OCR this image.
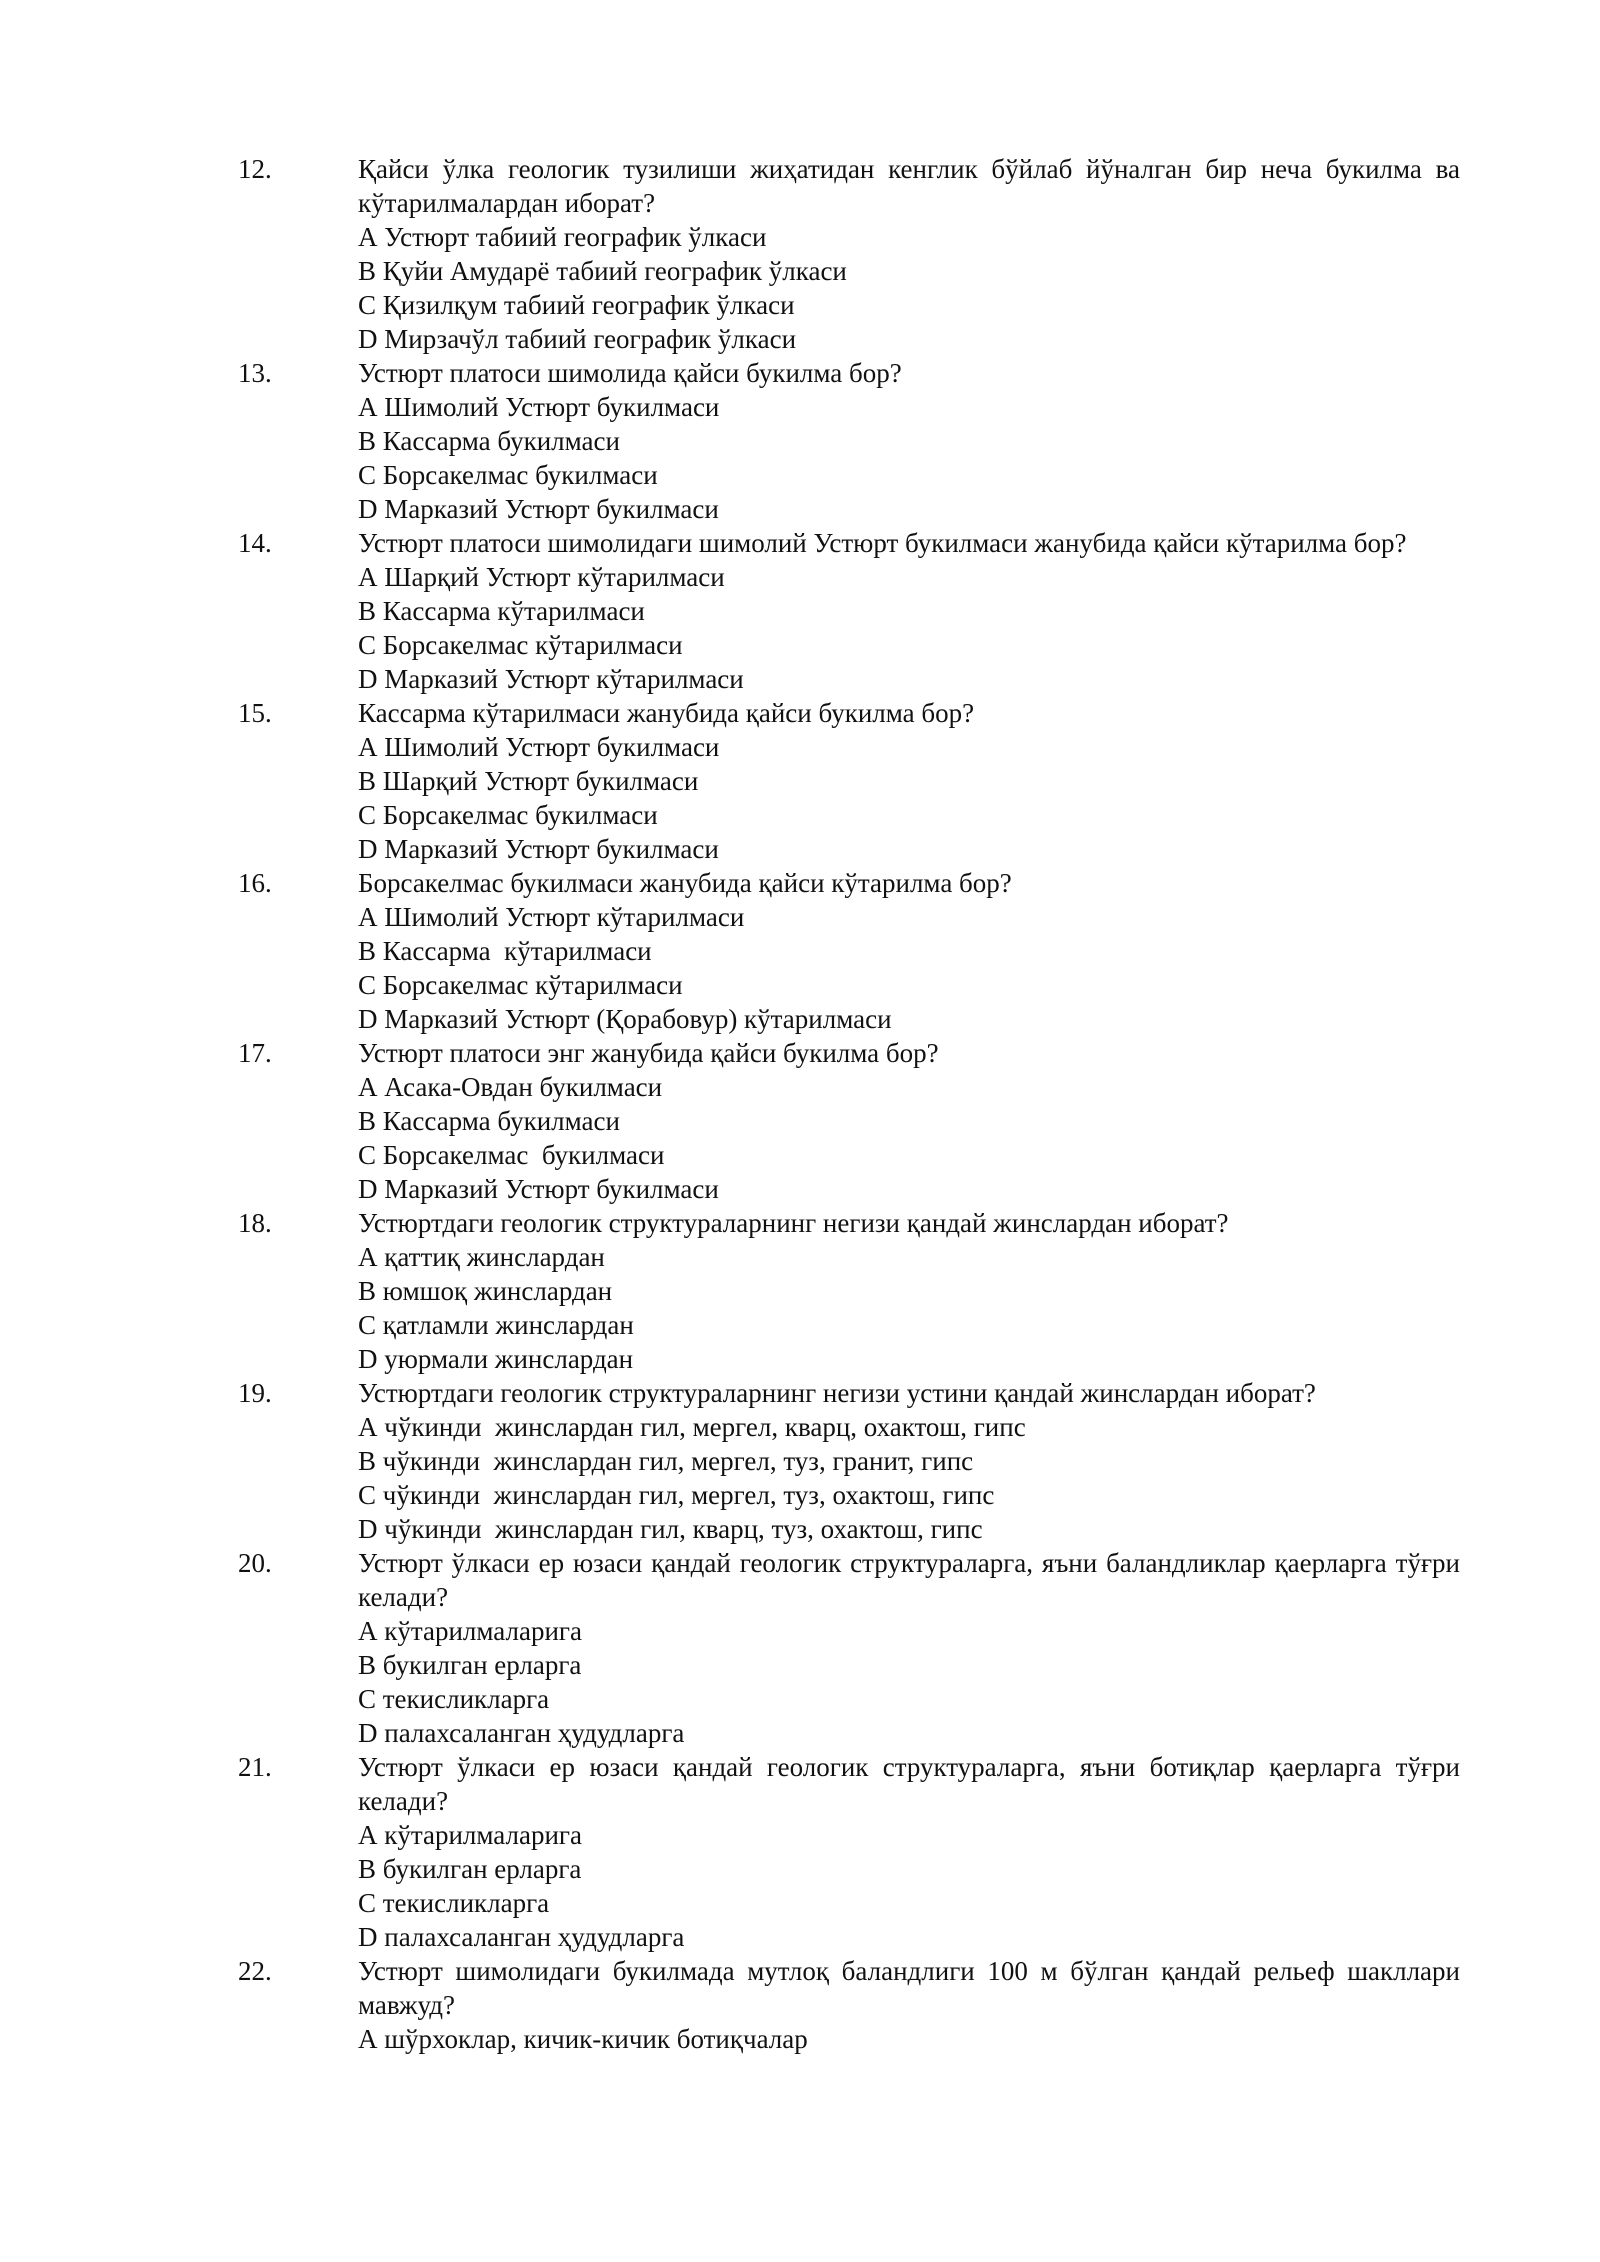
12.	Қайси ўлка геологик тузилиши жиҳатидан кенглик бўйлаб йўналган бир неча букилма ва кўтарилмалардан иборат?
А Устюрт табиий географик ўлкаси
В Қуйи Амударё табиий географик ўлкаси
С Қизилқум табиий географик ўлкаси
D Мирзачўл табиий географик ўлкаси
13.	Устюрт платоси шимолида қайси букилма бор?
А Шимолий Устюрт букилмаси
В Кассарма букилмаси
С Борсакелмас букилмаси
D Марказий Устюрт букилмаси
14.	Устюрт платоси шимолидаги шимолий Устюрт букилмаси жанубида қайси кўтарилма бор?
А Шарқий Устюрт кўтарилмаси
В Кассарма кўтарилмаси
С Борсакелмас кўтарилмаси
D Марказий Устюрт кўтарилмаси
15.	Кассарма кўтарилмаси жанубида қайси букилма бор?
А Шимолий Устюрт букилмаси
В Шарқий Устюрт букилмаси
С Борсакелмас букилмаси
D Марказий Устюрт букилмаси
16.	Борсакелмас букилмаси жанубида қайси кўтарилма бор?
А Шимолий Устюрт кўтарилмаси
В Кассарма  кўтарилмаси
С Борсакелмас кўтарилмаси
D Марказий Устюрт (Қорабовур) кўтарилмаси
17.	Устюрт платоси энг жанубида қайси букилма бор?
А Асака-Овдан букилмаси
В Кассарма букилмаси
С Борсакелмас  букилмаси
D Марказий Устюрт букилмаси
18.	Устюртдаги геологик структураларнинг негизи қандай жинслардан иборат?
А қаттиқ жинслардан
В юмшоқ жинслардан
С қатламли жинслардан
D уюрмали жинслардан
19.	Устюртдаги геологик структураларнинг негизи устини қандай жинслардан иборат?
А чўкинди  жинслардан гил, мергел, кварц, охактош, гипс
В чўкинди  жинслардан гил, мергел, туз, гранит, гипс
С чўкинди  жинслардан гил, мергел, туз, охактош, гипс
D чўкинди  жинслардан гил, кварц, туз, охактош, гипс
20.	Устюрт ўлкаси ер юзаси қандай геологик структураларга, яъни баландликлар қаерларга тўғри келади?
А кўтарилмаларига
В букилган ерларга
С текисликларга
D палахсаланган ҳудудларга
21.	Устюрт ўлкаси ер юзаси қандай геологик структураларга, яъни ботиқлар қаерларга тўғри келади?
А кўтарилмаларига
В букилган ерларга
С текисликларга
D палахсаланган ҳудудларга
22.	Устюрт шимолидаги букилмада мутлоқ баландлиги 100 м бўлган қандай рельеф шакллари мавжуд?
А шўрхоклар, кичик-кичик ботиқчалар
